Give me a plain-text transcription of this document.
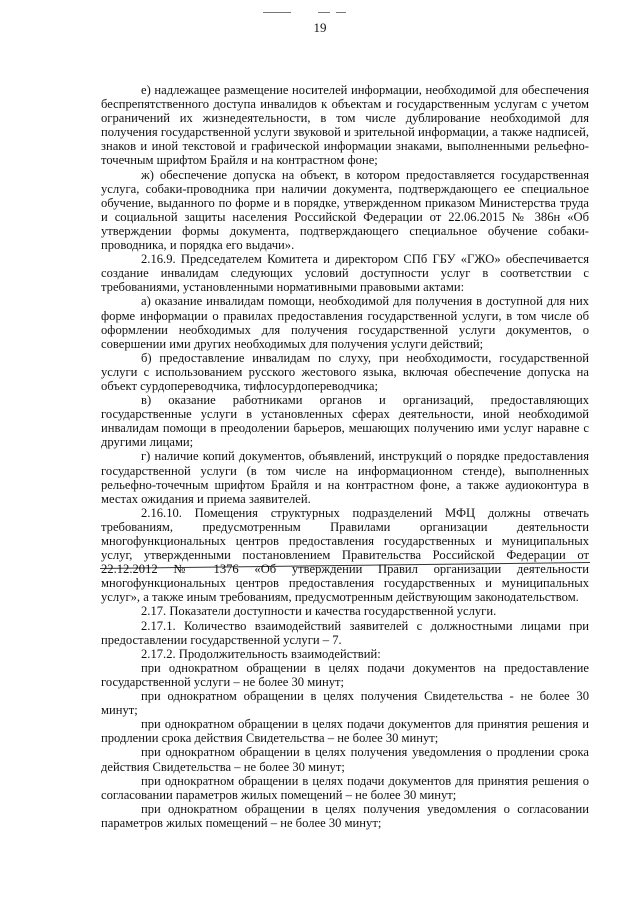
19

е) надлежащее размещение носителей информации, необходимой для обеспечения беспрепятственного доступа инвалидов к объектам и государственным услугам с учетом ограничений их жизнедеятельности, в том числе дублирование необходимой для получения государственной услуги звуковой и зрительной информации, а также надписей, знаков и иной текстовой и графической информации знаками, выполненными рельефно-точечным шрифтом Брайля и на контрастном фоне;

ж) обеспечение допуска на объект, в котором предоставляется государственная услуга, собаки-проводника при наличии документа, подтверждающего ее специальное обучение, выданного по форме и в порядке, утвержденном приказом Министерства труда и социальной защиты населения Российской Федерации от 22.06.2015 № 386н «Об утверждении формы документа, подтверждающего специальное обучение собаки-проводника, и порядка его выдачи».

2.16.9. Председателем Комитета и директором СПб ГБУ «ГЖО» обеспечивается создание инвалидам следующих условий доступности услуг в соответствии с требованиями, установленными нормативными правовыми актами:

а) оказание инвалидам помощи, необходимой для получения в доступной для них форме информации о правилах предоставления государственной услуги, в том числе об оформлении необходимых для получения государственной услуги документов, о совершении ими других необходимых для получения услуги действий;

б) предоставление инвалидам по слуху, при необходимости, государственной услуги с использованием русского жестового языка, включая обеспечение допуска на объект сурдопереводчика, тифлосурдопереводчика;

в) оказание работниками органов и организаций, предоставляющих государственные услуги в установленных сферах деятельности, иной необходимой инвалидам помощи в преодолении барьеров, мешающих получению ими услуг наравне с другими лицами;

г) наличие копий документов, объявлений, инструкций о порядке предоставления государственной услуги (в том числе на информационном стенде), выполненных рельефно-точечным шрифтом Брайля и на контрастном фоне, а также аудиоконтура в местах ожидания и приема заявителей.

2.16.10. Помещения структурных подразделений МФЦ должны отвечать требованиям, предусмотренным Правилами организации деятельности многофункциональных центров предоставления государственных и муниципальных услуг, утвержденными постановлением Правительства Российской Федерации от 22.12.2012 № 1376 «Об утверждении Правил организации деятельности многофункциональных центров предоставления государственных и муниципальных услуг», а также иным требованиям, предусмотренным действующим законодательством.

2.17. Показатели доступности и качества государственной услуги.

2.17.1. Количество взаимодействий заявителей с должностными лицами при предоставлении государственной услуги – 7.

2.17.2. Продолжительность взаимодействий:

при однократном обращении в целях подачи документов на предоставление государственной услуги – не более 30 минут;

при однократном обращении в целях получения Свидетельства - не более 30 минут;

при однократном обращении в целях подачи документов для принятия решения и продлении срока действия Свидетельства – не более 30 минут;

при однократном обращении в целях получения уведомления о продлении срока действия Свидетельства – не более 30 минут;

при однократном обращении в целях подачи документов для принятия решения о согласовании параметров жилых помещений – не более 30 минут;

при однократном обращении в целях получения уведомления о согласовании параметров жилых помещений – не более 30 минут;
